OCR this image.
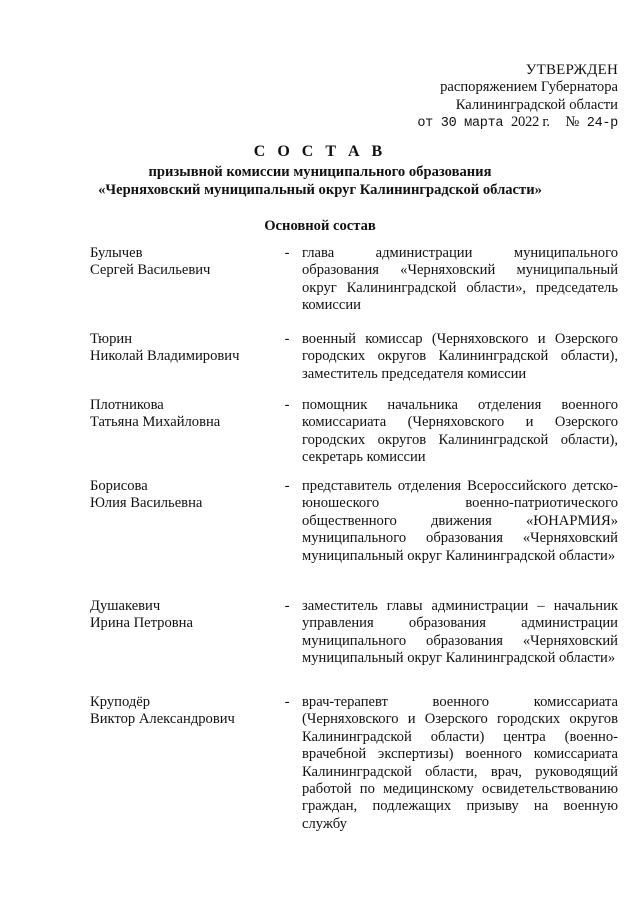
УТВЕРЖДЕН
распоряжением Губернатора
Калининградской области
от 30 марта 2022 г. № 24-р
С О С Т А В
призывной комиссии муниципального образования
«Черняховский муниципальный округ Калининградской области»
Основной состав
Булычев
Сергей Васильевич
- глава администрации муниципального образования «Черняховский муниципальный округ Калининградской области», председатель комиссии
Тюрин
Николай Владимирович
- военный комиссар (Черняховского и Озерского городских округов Калининградской области), заместитель председателя комиссии
Плотникова
Татьяна Михайловна
- помощник начальника отделения военного комиссариата (Черняховского и Озерского городских округов Калининградской области), секретарь комиссии
Борисова
Юлия Васильевна
- представитель отделения Всероссийского детско-юношеского военно-патриотического общественного движения «ЮНАРМИЯ» муниципального образования «Черняховский муниципальный округ Калининградской области»
Душакевич
Ирина Петровна
- заместитель главы администрации – начальник управления образования администрации муниципального образования «Черняховский муниципальный округ Калининградской области»
Круподёр
Виктор Александрович
- врач-терапевт военного комиссариата (Черняховского и Озерского городских округов Калининградской области) центра (военно-врачебной экспертизы) военного комиссариата Калининградской области, врач, руководящий работой по медицинскому освидетельствованию граждан, подлежащих призыву на военную службу
